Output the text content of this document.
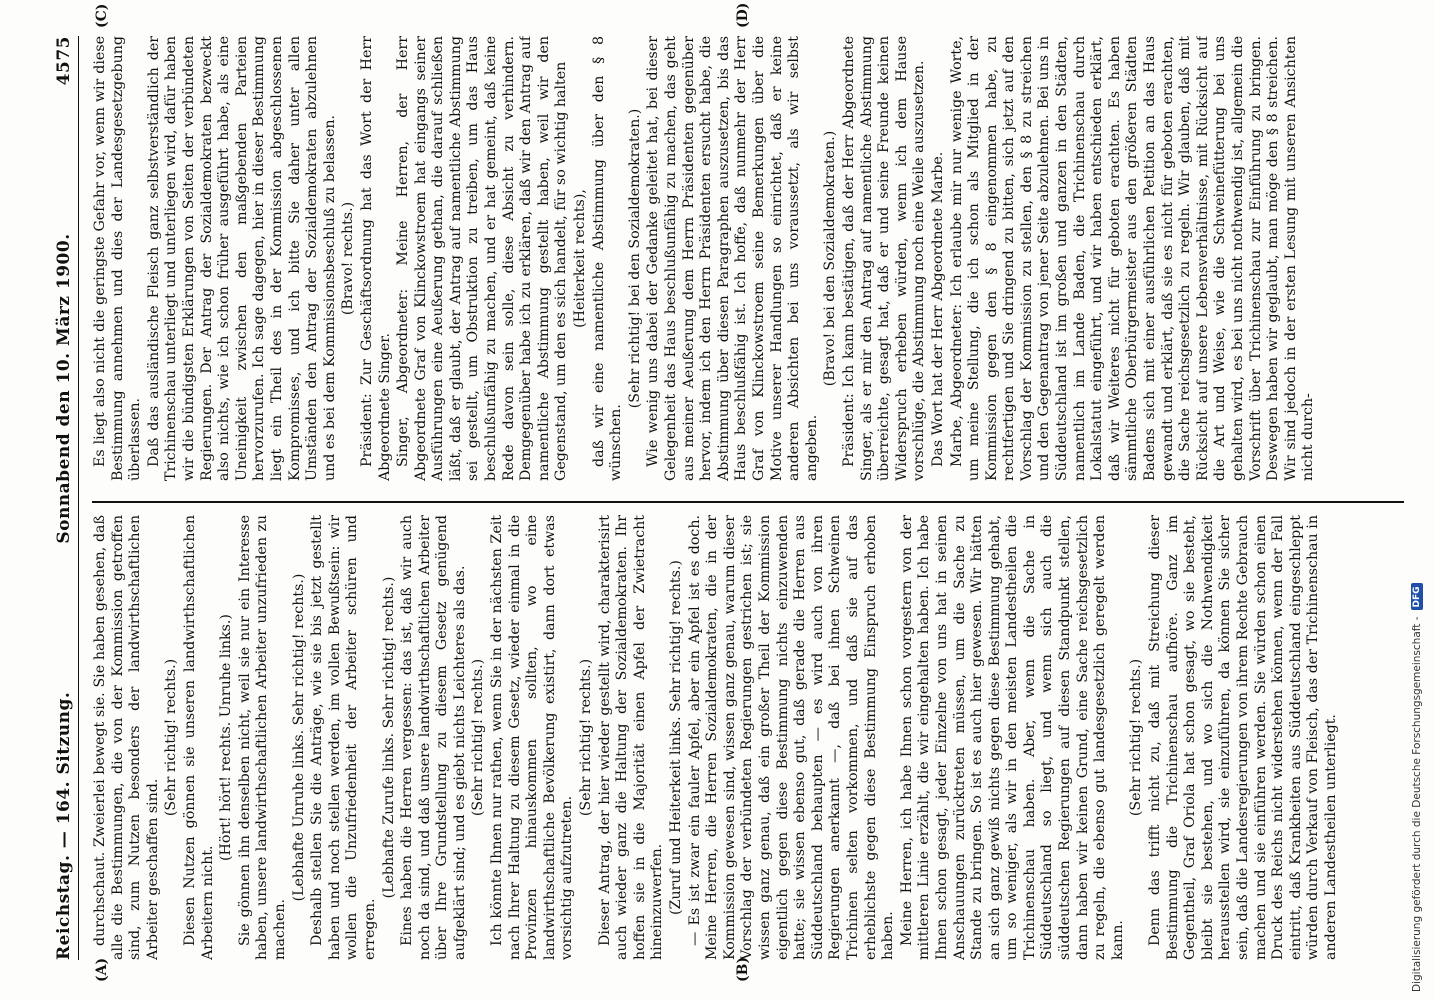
Reichstag. — 164. Sitzung.
Sonnabend den 10. März 1900.
4575
(A)	(B)
(C)	(D)

durchschaut. Zweierlei bewegt sie. Sie haben gesehen, daß alle die Bestimmungen, die von der Kommission getroffen sind, zum Nutzen besonders der landwirthschaftlichen Arbeiter geschaffen sind.

(Sehr richtig! rechts.) Diesen Nutzen gönnen sie unseren landwirthschaftlichen Arbeitern nicht.

(Hört! hört! rechts. Unruhe links.) Sie gönnen ihn denselben nicht, weil sie nur ein Interesse haben, unsere landwirthschaftlichen Arbeiter unzufrieden zu machen.

(Lebhafte Unruhe links. Sehr richtig! rechts.) Deshalb stellen Sie die Anträge, wie sie bis jetzt gestellt haben und noch stellen werden, im vollen Bewußtsein: wir wollen die Unzufriedenheit der Arbeiter schüren und erregen.

(Lebhafte Zurufe links. Sehr richtig! rechts.) Eines haben die Herren vergessen: das ist, daß wir auch noch da sind, und daß unsere landwirthschaftlichen Arbeiter über Ihre Grundstellung zu diesem Gesetz genügend aufgeklärt sind; und es giebt nichts Leichteres als das. (Sehr richtig! rechts.) Ich könnte Ihnen nur rathen, wenn Sie in der nächsten Zeit nach Ihrer Haltung zu diesem Gesetz, wieder einmal in die Provinzen hinauskommen sollten, wo eine landwirthschaftliche Bevölkerung existirt, dann dort etwas vorsichtig aufzutreten.

(Sehr richtig! rechts.) Dieser Antrag, der hier wieder gestellt wird, charakterisirt auch wieder ganz die Haltung der Sozialdemokraten. Ihr hoffen sie in die Majorität einen Apfel der Zwietracht hineinzuwerfen. (Zuruf und Heiterkeit links. Sehr richtig! rechts.) — Es ist zwar ein fauler Apfel, aber ein Apfel ist es doch. Meine Herren, die Herren Sozialdemokraten, die in der Kommission gewesen sind, wissen ganz genau, warum dieser Vorschlag der verbündeten Regierungen gestrichen ist; sie wissen ganz genau, daß ein großer Theil der Kommission eigentlich gegen diese Bestimmung nichts einzuwenden hatte; sie wissen ebenso gut, daß gerade die Herren aus Süddeutschland behaupten — es wird auch von ihren Regierungen anerkannt —, daß bei ihnen Schweinen Trichinen selten vorkommen, und daß sie auf das erheblichste gegen diese Bestimmung Einspruch erhoben haben. Meine Herren, ich habe Ihnen schon vorgestern von der mittleren Linie erzählt, die wir eingehalten haben. Ich habe Ihnen schon gesagt, jeder Einzelne von uns hat in seinen Anschauungen zurücktreten müssen, um die Sache zu Stande zu bringen. So ist es auch hier gewesen. Wir hätten an sich ganz gewiß nichts gegen diese Bestimmung gehabt, um so weniger, als wir in den meisten Landestheilen die Trichinenschau haben. Aber, wenn die Sache in Süddeutschland so liegt, und wenn sich auch die süddeutschen Regierungen auf diesen Standpunkt stellen, dann haben wir keinen Grund, eine Sache reichsgesetzlich zu regeln, die ebenso gut landesgesetzlich geregelt werden kann.

(Sehr richtig! rechts.) Denn das trifft nicht zu, daß mit Streichung dieser Bestimmung die Trichinenschau aufhöre. Ganz im Gegentheil, Graf Oriola hat schon gesagt, wo sie besteht, bleibt sie bestehen, und wo sich die Nothwendigkeit herausstellen wird, sie einzuführen, da können Sie sicher sein, daß die Landesregierungen von ihrem Rechte Gebrauch machen und sie einführen werden. Sie würden schon einen Druck des Reichs nicht widerstehen können, wenn der Fall eintritt, daß Krankheiten aus Süddeutschland eingeschleppt würden durch Verkauf von Fleisch, das der Trichinenschau in anderen Landestheilen unterliegt.

Es liegt also nicht die geringste Gefahr vor, wenn wir diese Bestimmung annehmen und dies der Landesgesetzgebung überlassen. Daß das ausländische Fleisch ganz selbstverständlich der Trichinenschau unterliegt und unterliegen wird, dafür haben wir die bündigsten Erklärungen von Seiten der verbündeten Regierungen. Der Antrag der Sozialdemokraten bezweckt also nichts, wie ich schon früher ausgeführt habe, als eine Uneinigkeit zwischen den maßgebenden Parteien hervorzurufen. Ich sage dagegen, hier in dieser Bestimmung liegt ein Theil des in der Kommission abgeschlossenen Kompromisses, und ich bitte Sie daher unter allen Umständen den Antrag der Sozialdemokraten abzulehnen und es bei dem Kommissionsbeschluß zu belassen. (Bravo! rechts.) Präsident: Zur Geschäftsordnung hat das Wort der Herr Abgeordnete Singer. Singer, Abgeordneter: Meine Herren, der Herr Abgeordnete Graf von Klinckowstroem hat eingangs seiner Ausführungen eine Aeußerung gethan, die darauf schließen läßt, daß er glaubt, der Antrag auf namentliche Abstimmung sei gestellt, um Obstruktion zu treiben, um das Haus beschlußunfähig zu machen, und er hat gemeint, daß keine Rede davon sein solle, diese Absicht zu verhindern. Demgegenüber habe ich zu erklären, daß wir den Antrag auf namentliche Abstimmung gestellt haben, weil wir den Gegenstand, um den es sich handelt, für so wichtig halten (Heiterkeit rechts), daß wir eine namentliche Abstimmung über den § 8 wünschen.

(Sehr richtig! bei den Sozialdemokraten.) Wie wenig uns dabei der Gedanke geleitet hat, bei dieser Gelegenheit das Haus beschlußunfähig zu machen, das geht aus meiner Aeußerung dem Herrn Präsidenten gegenüber hervor, indem ich den Herrn Präsidenten ersucht habe, die Abstimmung über diesen Paragraphen auszusetzen, bis das Haus beschlußfähig ist. Ich hoffe, daß nunmehr der Herr Graf von Klinckowstroem seine Bemerkungen über die Motive unserer Handlungen so einrichtet, daß er keine anderen Absichten bei uns voraussetzt, als wir selbst angeben.

(Bravo! bei den Sozialdemokraten.) Präsident: Ich kann bestätigen, daß der Herr Abgeordnete Singer, als er mir den Antrag auf namentliche Abstimmung überreichte, gesagt hat, daß er und seine Freunde keinen Widerspruch erheben würden, wenn ich dem Hause vorschlüge, die Abstimmung noch eine Weile auszusetzen. Das Wort hat der Herr Abgeordnete Marbe. Marbe, Abgeordneter: Ich erlaube mir nur wenige Worte, um meine Stellung, die ich schon als Mitglied in der Kommission gegen den § 8 eingenommen habe, zu rechtfertigen und Sie dringend zu bitten, sich jetzt auf den Vorschlag der Kommission zu stellen, den § 8 zu streichen und den Gegenantrag von jener Seite abzulehnen. Bei uns in Süddeutschland ist im großen und ganzen in den Städten, namentlich im Lande Baden, die Trichinenschau durch Lokalstatut eingeführt, und wir haben entschieden erklärt, daß wir Weiteres nicht für geboten erachten. Es haben sämmtliche Oberbürgermeister aus den größeren Städten Badens sich mit einer ausführlichen Petition an das Haus gewandt und erklärt, daß sie es nicht für geboten erachten, die Sache reichsgesetzlich zu regeln. Wir glauben, daß mit Rücksicht auf unsere Lebensverhältnisse, mit Rücksicht auf die Art und Weise, wie die Schweinefütterung bei uns gehalten wird, es bei uns nicht nothwendig ist, allgemein die Vorschrift über Trichinenschau zur Einführung zu bringen. Deswegen haben wir geglaubt, man möge den § 8 streichen. Wir sind jedoch in der ersten Lesung mit unseren Ansichten nicht durch-

Digitalisierung gefördert durch die Deutsche Forschungsgemeinschaft -
DFG
